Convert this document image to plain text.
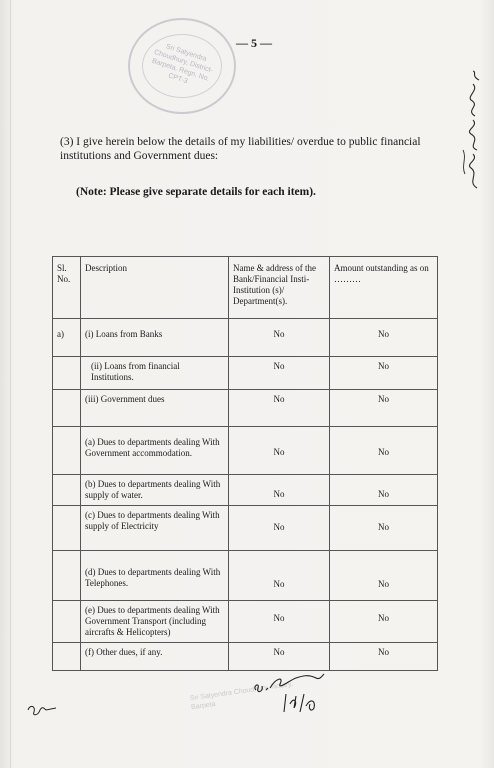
Sri Satyendra Choudhury, District-Barpeta, Regn. No. CPT-3
— 5 —
(3) I give herein below the details of my liabilities/ overdue to public financial institutions and Government dues:
(Note: Please give separate details for each item).
Sl. No.	Description	Name & address of the Bank/Financial Insti-Institution (s)/ Department(s).	Amount outstanding as on ………
a)	(i) Loans from Banks	No	No
	(ii) Loans from financial Institutions.	No	No
	(iii) Government dues	No	No
	(a) Dues to departments dealing With Government accommodation.	No	No
	(b) Dues to departments dealing With supply of water.	No	No
	(c) Dues to departments dealing With supply of Electricity	No	No
	(d) Dues to departments dealing With Telephones.	No	No
	(e) Dues to departments dealing With Government Transport (including aircrafts & Helicopters)	No	No
	(f) Other dues, if any.	No	No
Sri Satyendra Choudhury, Notary, Barpeta
